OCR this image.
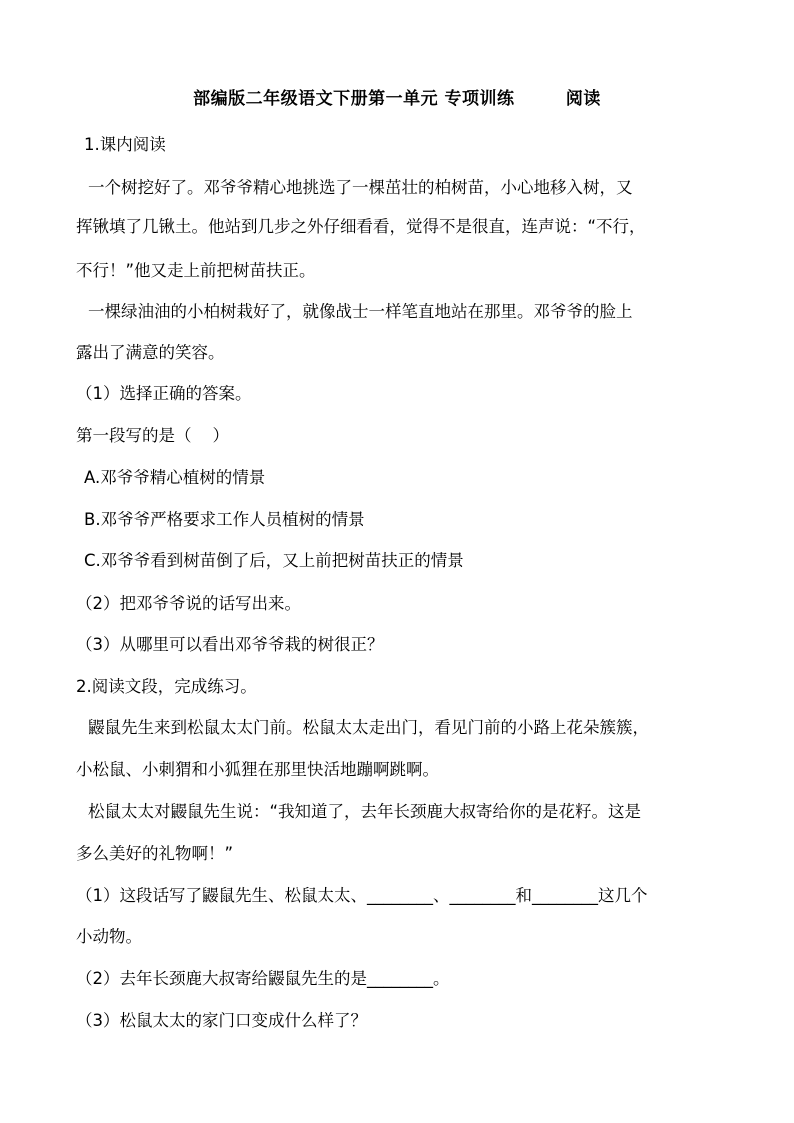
部编版二年级语文下册第一单元 专项训练        阅读
1.课内阅读
一个树挖好了。邓爷爷精心地挑选了一棵茁壮的柏树苗，小心地移入树，又
挥锹填了几锹土。他站到几步之外仔细看看，觉得不是很直，连声说：“不行，
不行！”他又走上前把树苗扶正。
一棵绿油油的小柏树栽好了，就像战士一样笔直地站在那里。邓爷爷的脸上
露出了满意的笑容。
（1）选择正确的答案。
第一段写的是（    ）
A.邓爷爷精心植树的情景
B.邓爷爷严格要求工作人员植树的情景
C.邓爷爷看到树苗倒了后，又上前把树苗扶正的情景
（2）把邓爷爷说的话写出来。
（3）从哪里可以看出邓爷爷栽的树很正？
2.阅读文段，完成练习。
鼹鼠先生来到松鼠太太门前。松鼠太太走出门，看见门前的小路上花朵簇簇，
小松鼠、小刺猬和小狐狸在那里快活地蹦啊跳啊。
松鼠太太对鼹鼠先生说：“我知道了，去年长颈鹿大叔寄给你的是花籽。这是
多么美好的礼物啊！”
（1）这段话写了鼹鼠先生、松鼠太太、________、________和________这几个
小动物。
（2）去年长颈鹿大叔寄给鼹鼠先生的是________。
（3）松鼠太太的家门口变成什么样了？
